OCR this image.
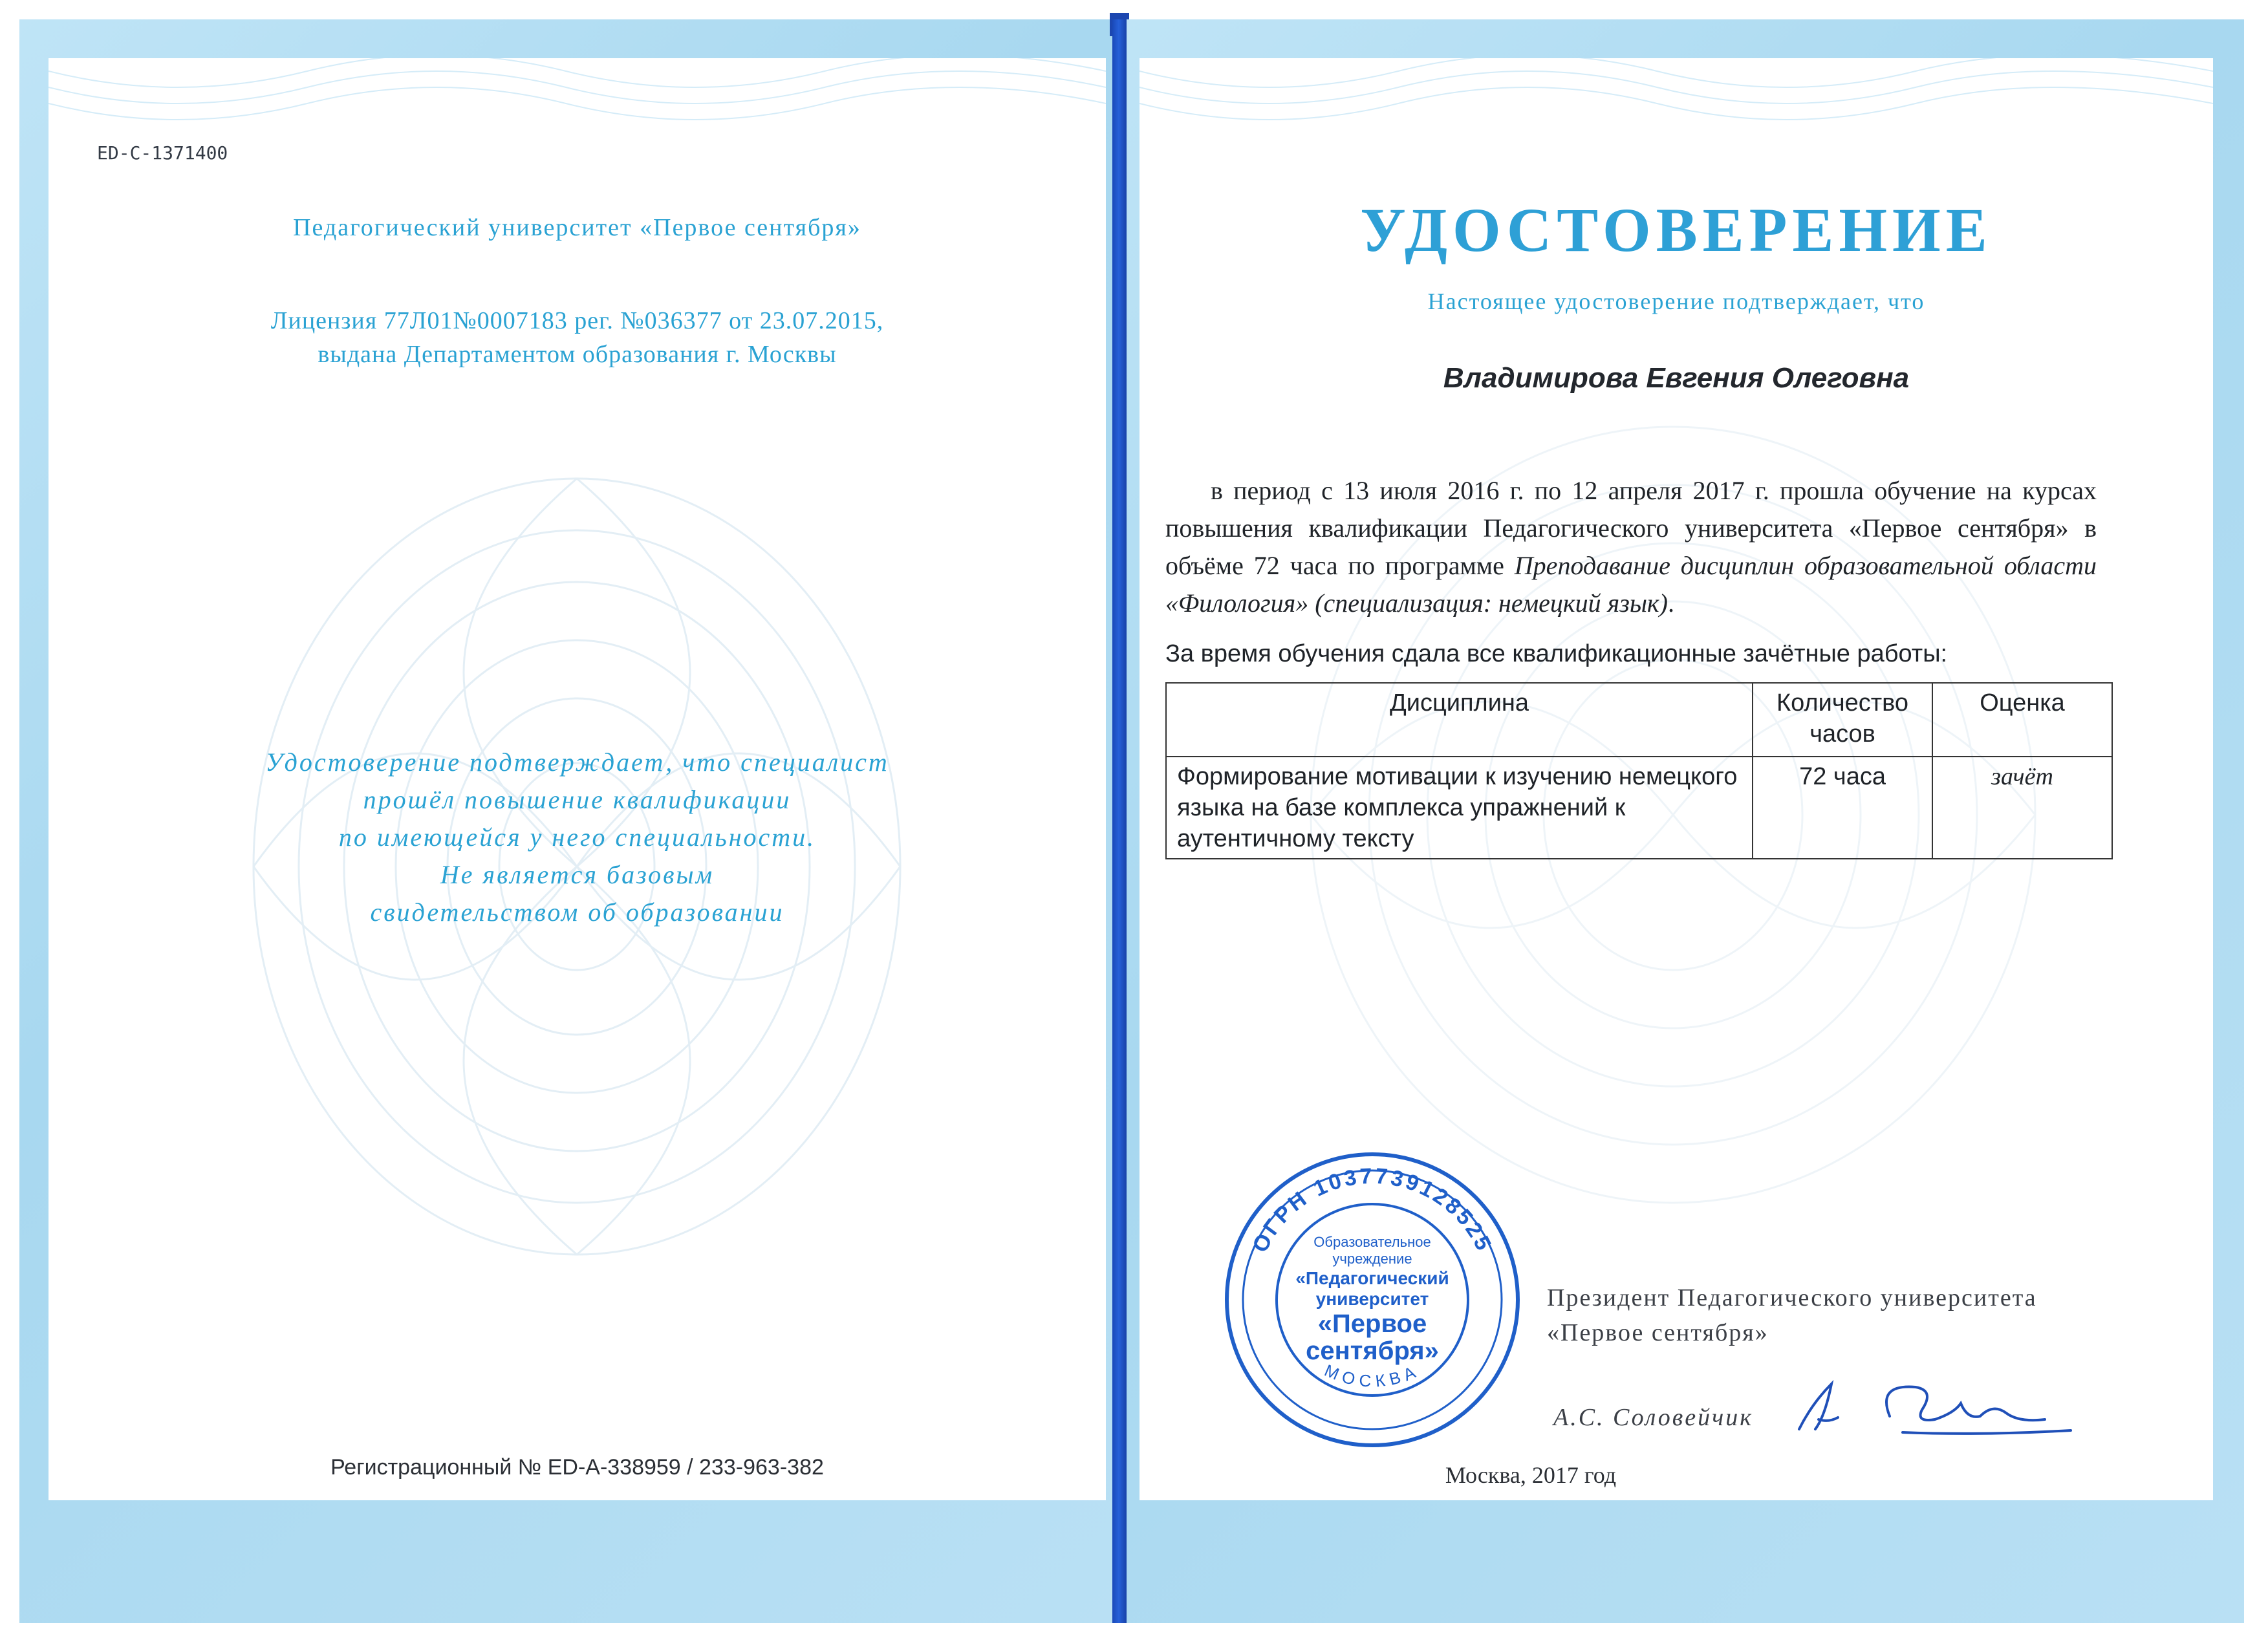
ED-C-1371400
Педагогический университет «Первое сентября»
Лицензия 77Л01№0007183 рег. №036377 от 23.07.2015,
выдана Департаментом образования г. Москвы
Удостоверение подтверждает, что специалист
прошёл повышение квалификации
по имеющейся у него специальности.
Не является базовым
свидетельством об образовании
Регистрационный № ED-A-338959 / 233-963-382
УДОСТОВЕРЕНИЕ
Настоящее удостоверение подтверждает, что
Владимирова Евгения Олеговна
в период с 13 июля 2016 г. по 12 апреля 2017 г. прошла обучение на курсах повышения квалификации Педагогического университета «Первое сентября» в объёме 72 часа по программе Преподавание дисциплин образовательной области «Филология» (специализация: немецкий язык).
За время обучения сдала все квалификационные зачётные работы:
Дисциплина	Количество часов	Оценка
Формирование мотивации к изучению немецкого языка на базе комплекса упражнений к аутентичному тексту	72 часа	зачёт
ОГРН 1037739128525
МОСКВА
Образовательное
учреждение
«Педагогический
университет
«Первое
сентября»
Президент Педагогического университета
«Первое сентября»
А.С. Соловейчик
Москва, 2017 год
